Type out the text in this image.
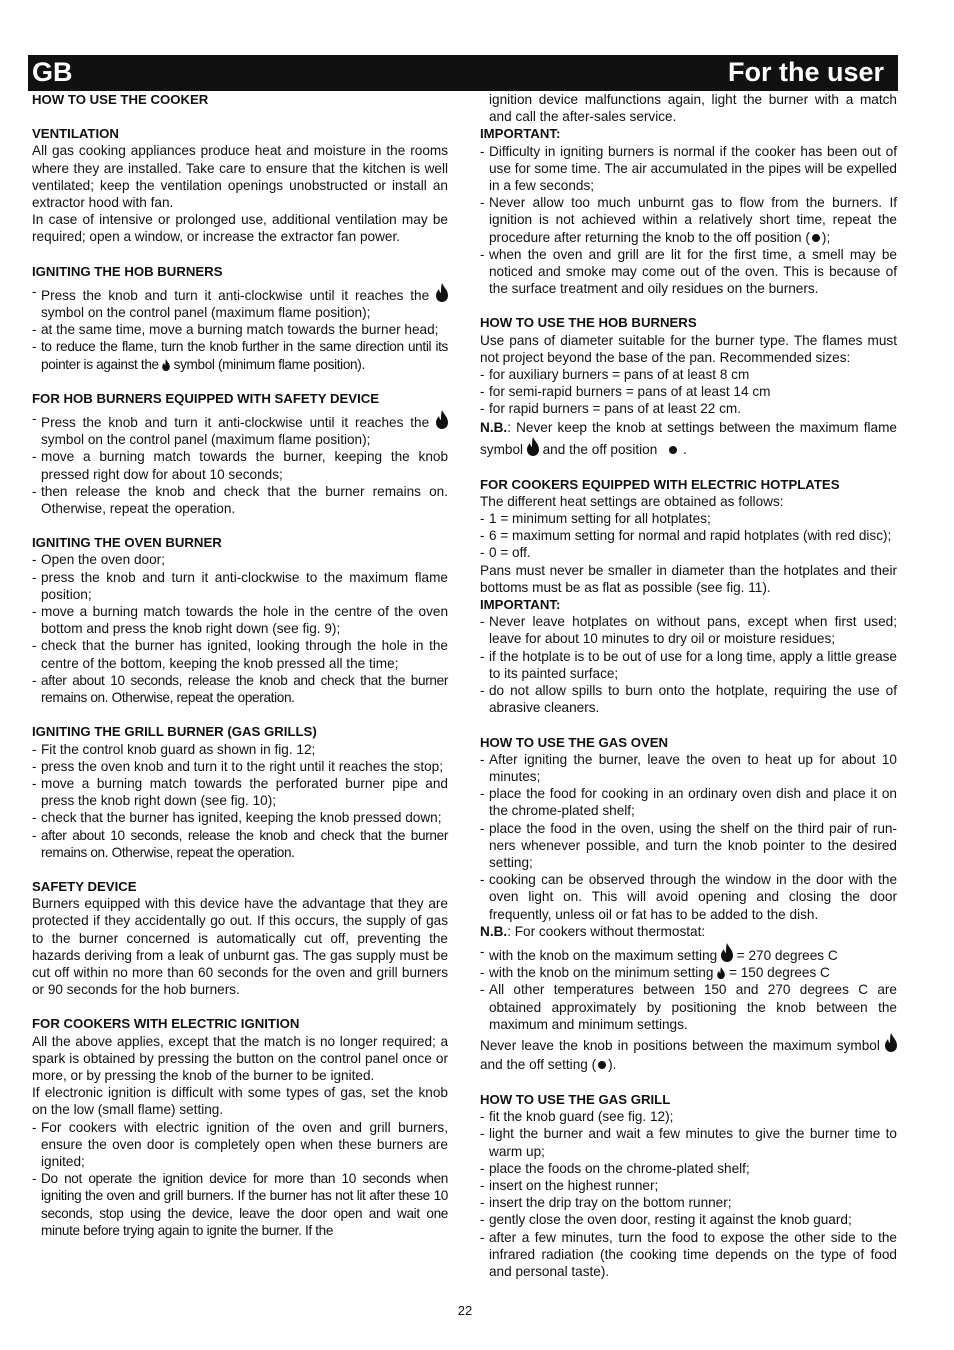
GB	For the user

HOW TO USE THE COOKER

VENTILATION

All gas cooking appliances produce heat and moisture in the rooms where they are installed. Take care to ensure that the kitchen is well ventilated; keep the ventilation openings unobstructed or install an extractor hood with fan.

In case of intensive or prolonged use, additional ventilation may be required; open a window, or increase the extractor fan power.

IGNITING THE HOB BURNERS

- Press the knob and turn it anti-clockwise until it reaches the  symbol on the control panel (maximum flame position);
- at the same time, move a burning match towards the burner head;
- to reduce the flame, turn the knob further in the same direction until its pointer is against the symbol (minimum flame position).

FOR HOB BURNERS EQUIPPED WITH SAFETY DEVICE

- Press the knob and turn it anti-clockwise until it reaches the  symbol on the control panel (maximum flame position);
- move a burning match towards the burner, keeping the knob pressed right dow for about 10 seconds;
- then release the knob and check that the burner remains on. Otherwise, repeat the operation.

IGNITING THE OVEN BURNER

- Open the oven door;
- press the knob and turn it anti-clockwise to the maximum flame position;
- move a burning match towards the hole in the centre of the oven bottom and press the knob right down (see fig. 9);
- check that the burner has ignited, looking through the hole in the centre of the bottom, keeping the knob pressed all the time;
- after about 10 seconds, release the knob and check that the burner remains on. Otherwise, repeat the operation.

IGNITING THE GRILL BURNER (GAS GRILLS)

- Fit the control knob guard as shown in fig. 12;
- press the oven knob and turn it to the right until it reaches the stop;
- move a burning match towards the perforated burner pipe and press the knob right down (see fig. 10);
- check that the burner has ignited, keeping the knob pressed down;
- after about 10 seconds, release the knob and check that the burner remains on. Otherwise, repeat the operation.

SAFETY DEVICE

Burners equipped with this device have the advantage that they are protected if they accidentally go out. If this occurs, the supply of gas to the burner concerned is automatically cut off, preventing the hazards deriving from a leak of unburnt gas. The gas supply must be cut off within no more than 60 seconds for the oven and grill burners or 90 seconds for the hob burners.

FOR COOKERS WITH ELECTRIC IGNITION

All the above applies, except that the match is no longer required; a spark is obtained by pressing the button on the control panel once or more, or by pressing the knob of the burner to be ignited.

If electronic ignition is difficult with some types of gas, set the knob on the low (small flame) setting.

- For cookers with electric ignition of the oven and grill burners, ensure the oven door is completely open when these burners are ignited;
- Do not operate the ignition device for more than 10 seconds when igniting the oven and grill burners. If the burner has not lit after these 10 seconds, stop using the device, leave the door open and wait one minute before trying again to ignite the burner. If the

ignition device malfunctions again, light the burner with a match and call the after-sales service.

IMPORTANT:

- Difficulty in igniting burners is normal if the cooker has been out of use for some time. The air accumulated in the pipes will be expelled in a few seconds;
- Never allow too much unburnt gas to flow from the burners. If ignition is not achieved within a relatively short time, repeat the procedure after returning the knob to the off position ( );
- when the oven and grill are lit for the first time, a smell may be noticed and smoke may come out of the oven. This is because of the surface treatment and oily residues on the burners.

HOW TO USE THE HOB BURNERS

Use pans of diameter suitable for the burner type. The flames must not project beyond the base of the pan. Recommended sizes:

- for auxiliary burners = pans of at least 8 cm
- for semi-rapid burners = pans of at least 14 cm
- for rapid burners = pans of at least 22 cm.

N.B.: Never keep the knob at settings between the maximum flame symbol and the off position .

FOR COOKERS EQUIPPED WITH ELECTRIC HOTPLATES

The different heat settings are obtained as follows:

- 1 = minimum setting for all hotplates;
- 6 = maximum setting for normal and rapid hotplates (with red disc);
- 0 = off.

Pans must never be smaller in diameter than the hotplates and their bottoms must be as flat as possible (see fig. 11).

IMPORTANT:

- Never leave hotplates on without pans, except when first used; leave for about 10 minutes to dry oil or moisture residues;
- if the hotplate is to be out of use for a long time, apply a little grease to its painted surface;
- do not allow spills to burn onto the hotplate, requiring the use of abrasive cleaners.

HOW TO USE THE GAS OVEN

- After igniting the burner, leave the oven to heat up for about 10 minutes;
- place the food for cooking in an ordinary oven dish and place it on the chrome-plated shelf;
- place the food in the oven, using the shelf on the third pair of run-ners whenever possible, and turn the knob pointer to the desired setting;
- cooking can be observed through the window in the door with the oven light on. This will avoid opening and closing the door frequently, unless oil or fat has to be added to the dish.

N.B.: For cookers without thermostat:

- with the knob on the maximum setting = 270 degrees C
- with the knob on the minimum setting = 150 degrees C
- All other temperatures between 150 and 270 degrees C are obtained approximately by positioning the knob between the maximum and minimum settings.

Never leave the knob in positions between the maximum symbol  and the off setting ( ).

HOW TO USE THE GAS GRILL

- fit the knob guard (see fig. 12);
- light the burner and wait a few minutes to give the burner time to warm up;
- place the foods on the chrome-plated shelf;
- insert on the highest runner;
- insert the drip tray on the bottom runner;
- gently close the oven door, resting it against the knob guard;
- after a few minutes, turn the food to expose the other side to the infrared radiation (the cooking time depends on the type of food and personal taste).
22
